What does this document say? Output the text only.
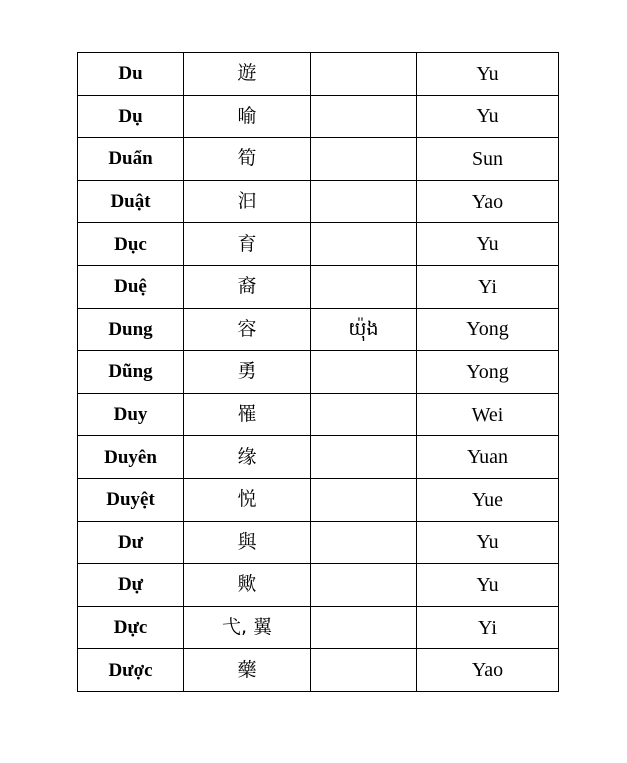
Du	遊		Yu
Dụ	喻		Yu
Duẩn	筍		Sun
Duật	汩		Yao
Dục	育		Yu
Duệ	裔		Yi
Dung	容	យ៉ុង	Yong
Dũng	勇		Yong
Duy	罹		Wei
Duyên	缘		Yuan
Duyệt	悦		Yue
Dư	與		Yu
Dự	歟		Yu
Dực	弋, 翼		Yi
Dược	藥		Yao
